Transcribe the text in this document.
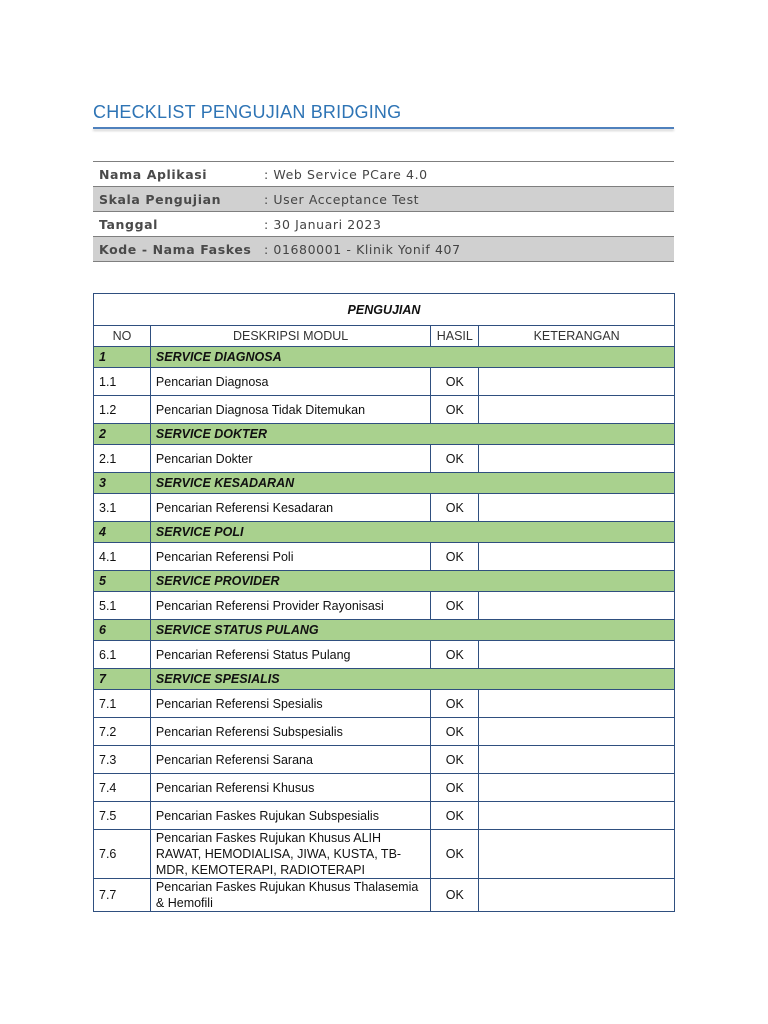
CHECKLIST PENGUJIAN BRIDGING
Nama Aplikasi	: Web Service PCare 4.0
Skala Pengujian	: User Acceptance Test
Tanggal	: 30 Januari 2023
Kode - Nama Faskes	: 01680001 - Klinik Yonif 407
PENGUJIAN			
NO	DESKRIPSI MODUL	HASIL	KETERANGAN
1	SERVICE DIAGNOSA		
1.1	Pencarian Diagnosa	OK	
1.2	Pencarian Diagnosa Tidak Ditemukan	OK	
2	SERVICE DOKTER		
2.1	Pencarian Dokter	OK	
3	SERVICE KESADARAN		
3.1	Pencarian Referensi Kesadaran	OK	
4	SERVICE POLI		
4.1	Pencarian Referensi Poli	OK	
5	SERVICE PROVIDER		
5.1	Pencarian Referensi Provider Rayonisasi	OK	
6	SERVICE STATUS PULANG		
6.1	Pencarian Referensi Status Pulang	OK	
7	SERVICE SPESIALIS		
7.1	Pencarian Referensi Spesialis	OK	
7.2	Pencarian Referensi Subspesialis	OK	
7.3	Pencarian Referensi Sarana	OK	
7.4	Pencarian Referensi Khusus	OK	
7.5	Pencarian Faskes Rujukan Subspesialis	OK	
7.6	Pencarian Faskes Rujukan Khusus ALIH RAWAT, HEMODIALISA, JIWA, KUSTA, TB-MDR, KEMOTERAPI, RADIOTERAPI	OK	
7.7	Pencarian Faskes Rujukan Khusus Thalasemia & Hemofili	OK	
